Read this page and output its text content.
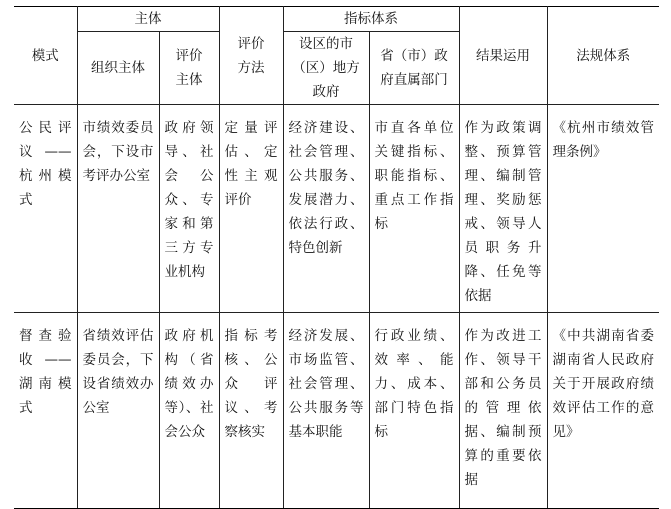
模式	主体		评价方法	指标体系		结果运用	法规体系
	组织主体	评价主体		设区的市（区）地方政府	省（市）政府直属部门		
公民评议——杭州模式	市绩效委员会，下设市考评办公室	政府领导、社会公众、专家和第三方专业机构	定量评估、定性主观评价	经济建设、社会管理、公共服务、发展潜力、依法行政、特色创新	市直各单位关键指标、职能指标、重点工作指标	作为政策调整、预算管理、编制管理、奖励惩戒、领导人员职务升降、任免等依据	《杭州市绩效管理条例》
督查验收——湖南模式	省绩效评估委员会，下设省绩效办公室	政府机构（省绩效办等）、社会公众	指标考核、公众评议、考察核实	经济发展、市场监管、社会管理、公共服务等基本职能	行政业绩、效率、能力、成本、部门特色指标	作为改进工作、领导干部和公务员的管理依据、编制预算的重要依据	《中共湖南省委 湖南省人民政府关于开展政府绩效评估工作的意见》
